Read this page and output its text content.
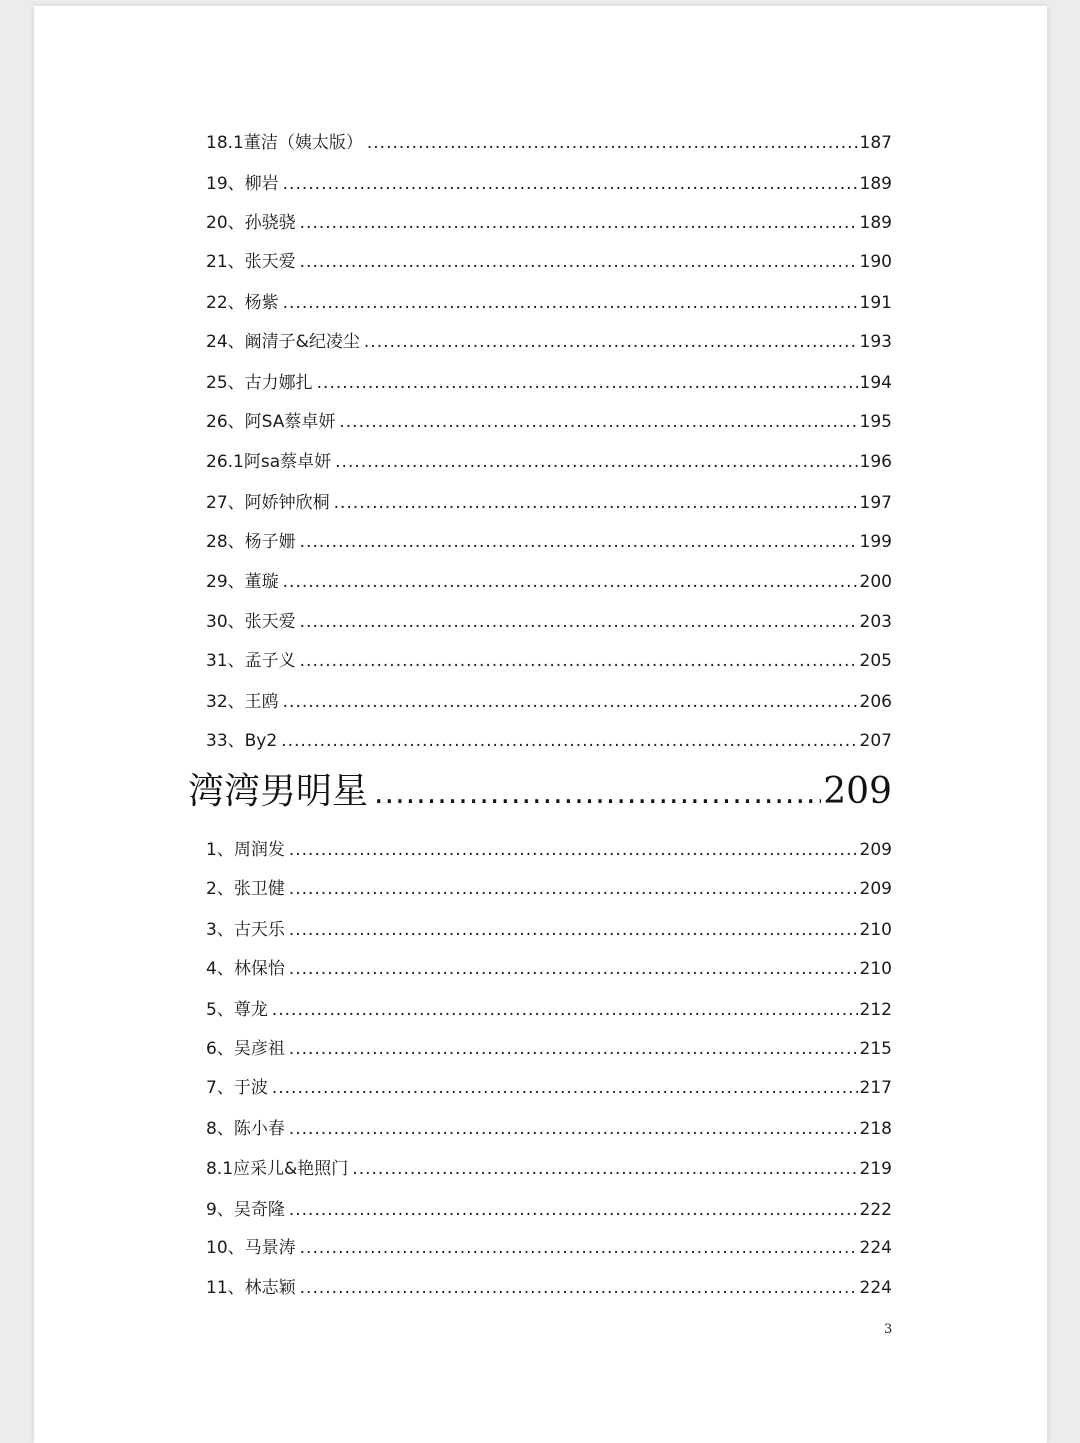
18.1董洁（姨太版） .....	187
19、柳岩 .....	189
20、孙骁骁 .....	189
21、张天爱 .....	190
22、杨紫 .....	191
24、阚清子&纪凌尘 .....	193
25、古力娜扎 .....	194
26、阿SA蔡卓妍 .....	195
26.1阿sa蔡卓妍 .....	196
27、阿娇钟欣桐 .....	197
28、杨子姗 .....	199
29、董璇 .....	200
30、张天爱 .....	203
31、孟子义 .....	205
32、王鸥 .....	206
33、By2 .....	207
湾湾男明星 .....	209
1、周润发 .....	209
2、张卫健 .....	209
3、古天乐 .....	210
4、林保怡 .....	210
5、尊龙 .....	212
6、吴彦祖 .....	215
7、于波 .....	217
8、陈小春 .....	218
8.1应采儿&艳照门 .....	219
9、吴奇隆 .....	222
10、马景涛 .....	224
11、林志颖 .....	224
3
